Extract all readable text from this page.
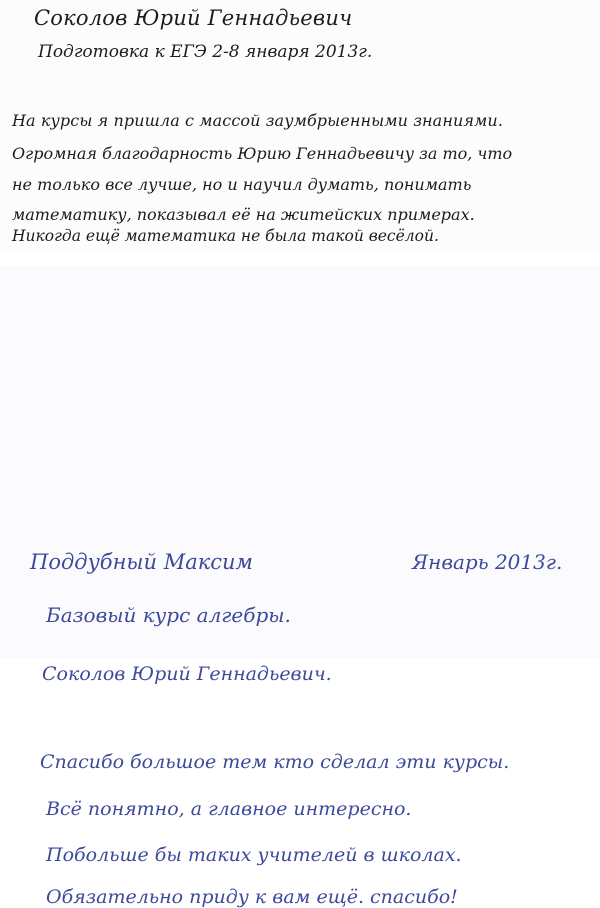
Соколов Юрий Геннадьевич
Подготовка к ЕГЭ 2-8 января 2013г.
На курсы я пришла с массой заумбрыенными знаниями.
Огромная благодарность Юрию Геннадьевичу за то, что
не только все лучше, но и научил думать, понимать
математику, показывал её на житейских примерах.
Никогда ещё математика не была такой весёлой.
Поддубный Максим	Январь 2013г.
Базовый курс алгебры.
Соколов Юрий Геннадьевич.
Спасибо большое тем кто сделал эти курсы.
Всё понятно, а главное интересно.
Побольше бы таких учителей в школах.
Обязательно приду к вам ещё. спасибо!
